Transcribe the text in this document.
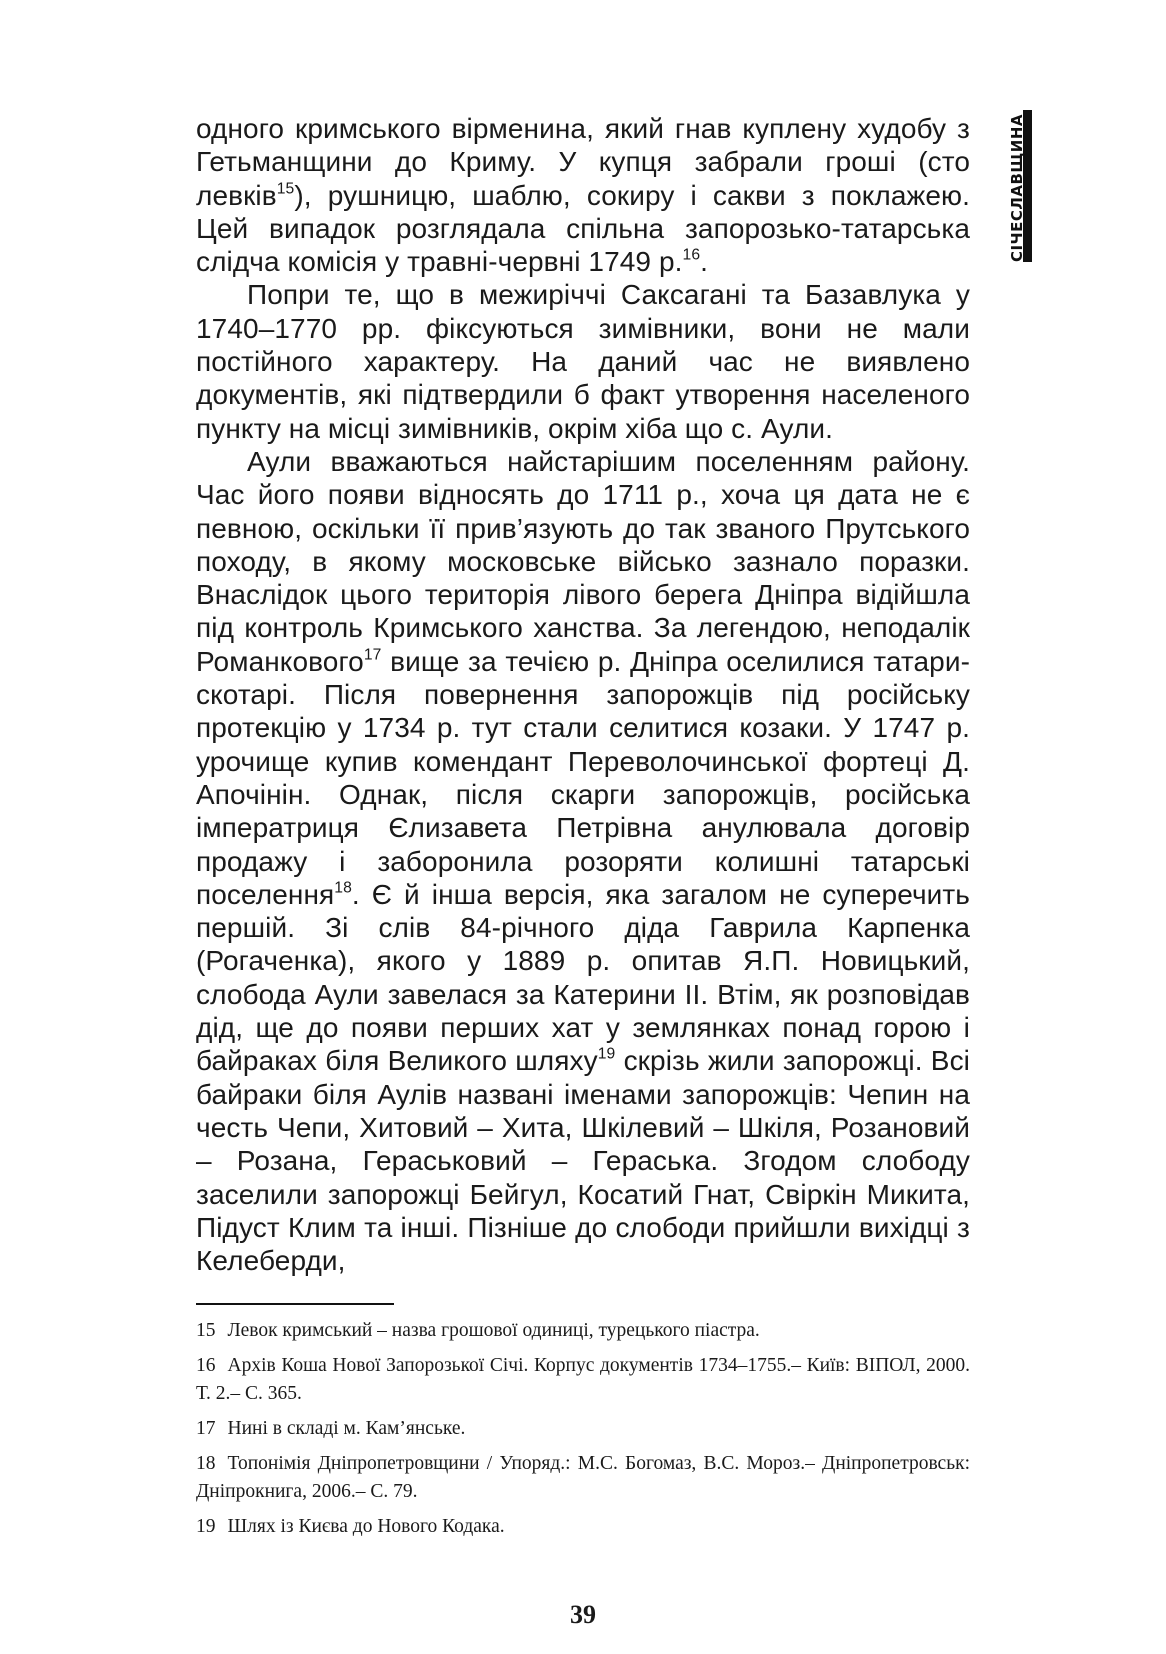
СІЧЕСЛАВЩИНА

одного кримського вірменина, який гнав куплену худобу з Гетьманщини до Криму. У купця забрали гроші (сто левків$^{15}$), рушницю, шаблю, сокиру і сакви з поклажею. Цей випадок розглядала спільна запорозько-татарська слідча комісія у травні-червні 1749 р.$^{16}$.

Попри те, що в межиріччі Саксагані та Базавлука у 1740–1770 рр. фіксуються зимівники, вони не мали постійного характеру. На даний час не виявлено документів, які підтвердили б факт утворення населеного пункту на місці зимівників, окрім хіба що с. Аули.

Аули вважаються найстарішим поселенням району. Час його появи відносять до 1711 р., хоча ця дата не є певною, оскільки її прив’язують до так званого Прутського походу, в якому московське військо зазнало поразки. Внаслідок цього територія лівого берега Дніпра відійшла під контроль Кримського ханства. За легендою, неподалік Романкового$^{17}$ вище за течією р. Дніпра оселилися татари-скотарі. Після повернення запорожців під російську протекцію у 1734 р. тут стали селитися козаки. У 1747 р. урочище купив комендант Переволочинської фортеці Д. Апочінін. Однак, після скарги запорожців, російська імператриця Єлизавета Петрівна анулювала договір продажу і заборонила розоряти колишні татарські поселення$^{18}$. Є й інша версія, яка загалом не суперечить першій. Зі слів 84-річного діда Гаврила Карпенка (Рогаченка), якого у 1889 р. опитав Я.П. Новицький, слобода Аули завелася за Катерини ІІ. Втім, як розповідав дід, ще до появи перших хат у землянках понад горою і байраках біля Великого шляху$^{19}$ скрізь жили запорожці. Всі байраки біля Аулів названі іменами запорожців: Чепин на честь Чепи, Хитовий – Хита, Шкілевий – Шкіля, Розановий – Розана, Гераськовий – Гераська. Згодом слободу заселили запорожці Бейгул, Косатий Гнат, Свіркін Микита, Підуст Клим та інші. Пізніше до слободи прийшли вихідці з Келеберди,

15 Левок кримський – назва грошової одиниці, турецького піастра.

16 Архів Коша Нової Запорозької Січі. Корпус документів 1734–1755.– Київ: ВІПОЛ, 2000. Т. 2.– С. 365.

17 Нині в складі м. Кам’янське.

18 Топонімія Дніпропетровщини / Упоряд.: М.С. Богомаз, В.С. Мороз.– Дніпропетровськ: Дніпрокнига, 2006.– С. 79.

19 Шлях із Києва до Нового Кодака.

39
